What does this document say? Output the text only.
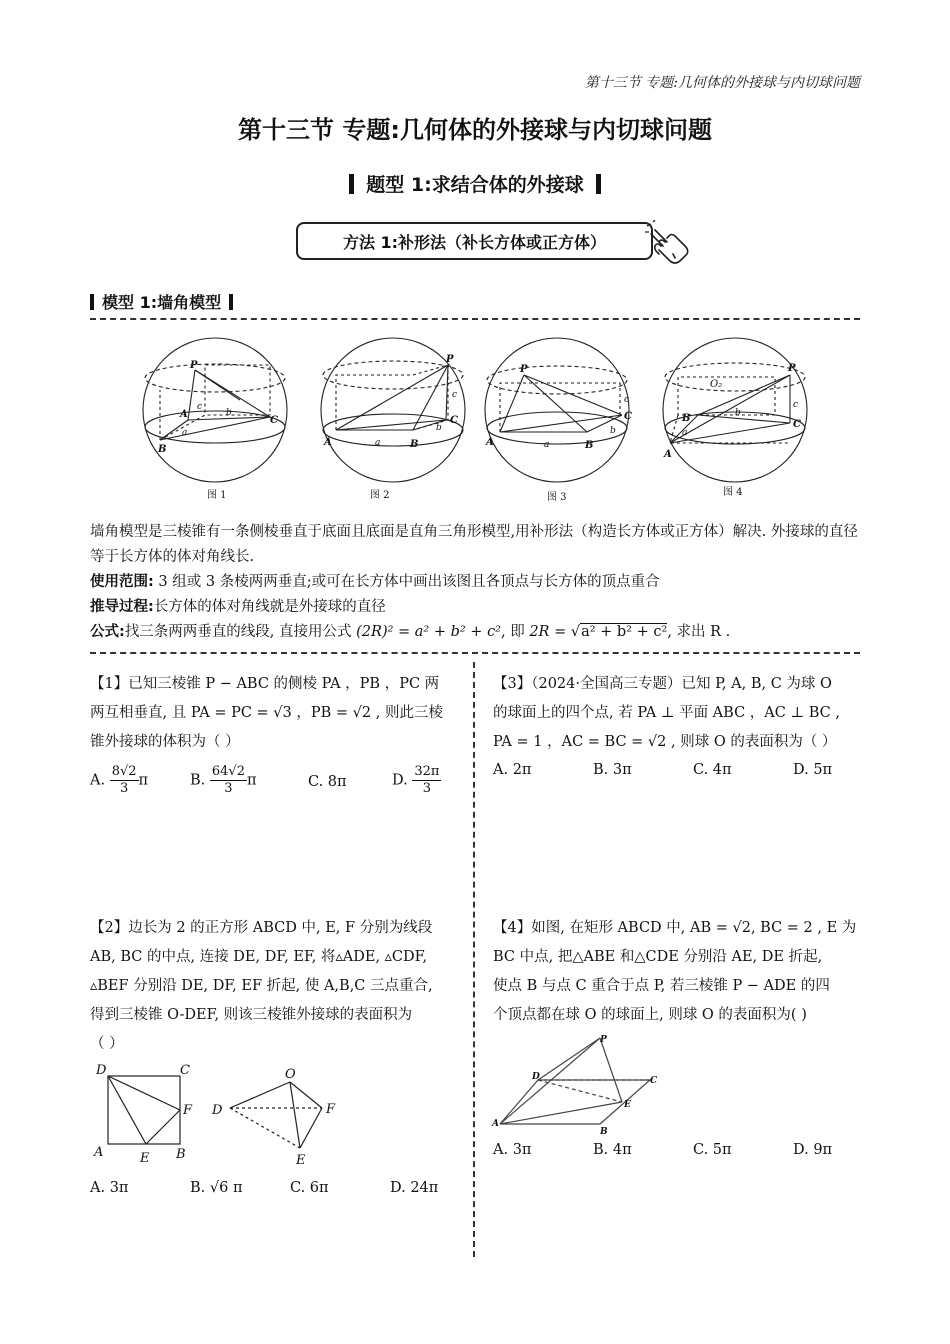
第十三节 专题:几何体的外接球与内切球问题
第十三节 专题:几何体的外接球与内切球问题
题型 1:求结合体的外接球
方法 1:补形法（补长方体或正方体）
模型 1:墙角模型
P
A
B
C
a
b
c
图 1
P
A	B
C
a
b
c
图 2
P
A	B
C
a
b
c
图 3
P
O₂
B
A
C
a
b
c
图 4
墙角模型是三棱锥有一条侧棱垂直于底面且底面是直角三角形模型,用补形法（构造长方体或正方体）解决. 外接球的直径等于长方体的体对角线长.
使用范围: 3 组或 3 条棱两两垂直;或可在长方体中画出该图且各顶点与长方体的顶点重合
推导过程:长方体的体对角线就是外接球的直径
公式:找三条两两垂直的线段, 直接用公式 (2R)² = a² + b² + c², 即 2R = √a² + b² + c², 求出 R .
【1】已知三棱锥 P − ABC 的侧棱 PA ，PB ，PC 两
两互相垂直, 且 PA = PC = √3 ，PB = √2 , 则此三棱
锥外接球的体积为（ ）
A. $\frac{8√2}{3}$ π	B. $\frac{64√2}{3}$ π	C. 8π	D. $\frac{32\pi}{3}$
【3】（2024·全国高三专题）已知 P, A, B, C 为球 O
的球面上的四个点, 若 PA ⊥ 平面 ABC ，AC ⊥ BC ,
PA = 1 ，AC = BC = √2 , 则球 O 的表面积为（ ）
A. 2π	B. 3π	C. 4π	D. 5π
【2】边长为 2 的正方形 ABCD 中, E, F 分别为线段
AB, BC 的中点, 连接 DE, DF, EF, 将▵ADE, ▵CDF,
▵BEF 分别沿 DE, DF, EF 折起, 使 A,B,C 三点重合,
得到三棱锥 O-DEF, 则该三棱锥外接球的表面积为
（ ）
D	C
F
A	E B
O
D	F
E
A. 3π	B. √6 π	C. 6π	D. 24π
【4】如图, 在矩形 ABCD 中, AB = √2, BC = 2 , E 为
BC 中点, 把△ABE 和△CDE 分别沿 AE, DE 折起,
使点 B 与点 C 重合于点 P, 若三棱锥 P − ADE 的四
个顶点都在球 O 的球面上, 则球 O 的表面积为( )
P
D	C
E
A
B
A. 3π	B. 4π	C. 5π	D. 9π
